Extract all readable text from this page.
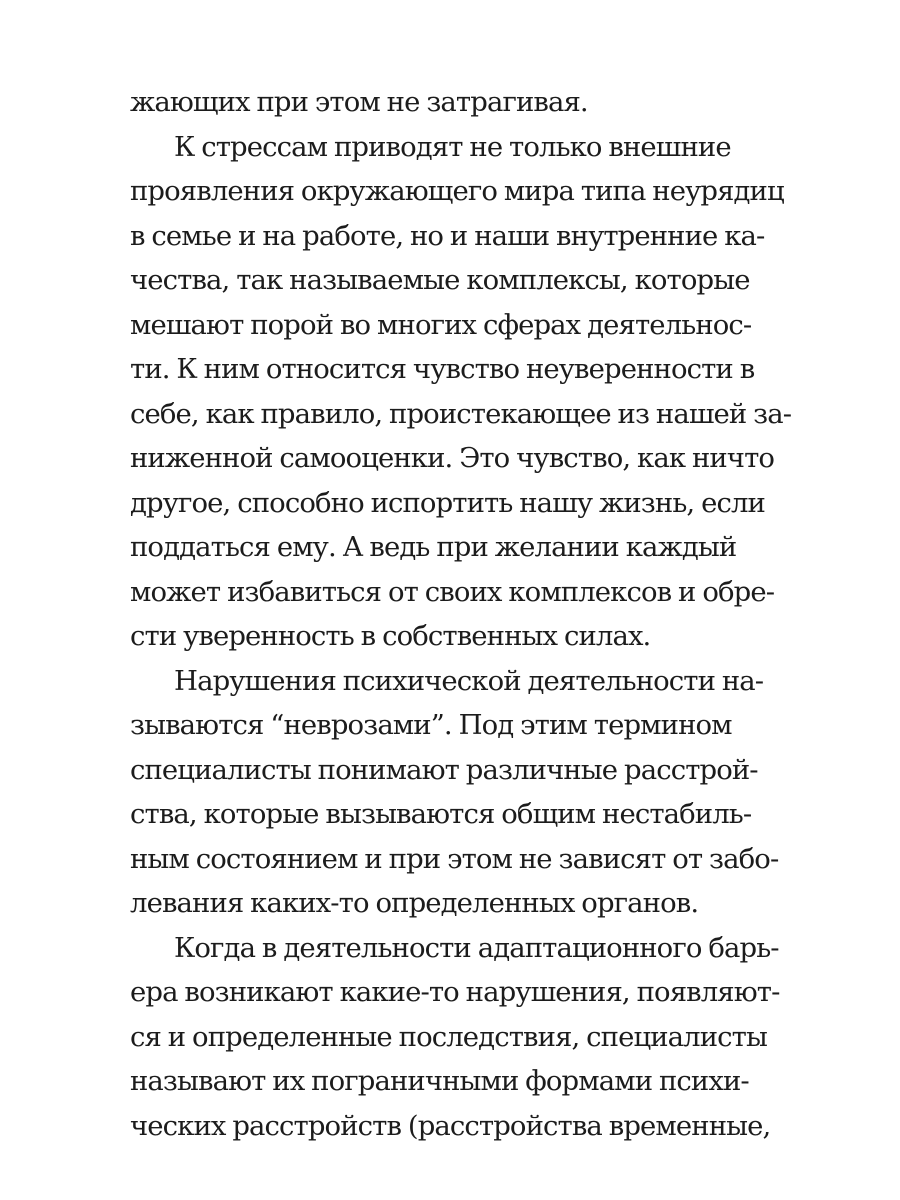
жающих при этом не затрагивая.
К стрессам приводят не только внешние
проявления окружающего мира типа неурядиц
в семье и на работе, но и наши внутренние ка-
чества, так называемые комплексы, которые
мешают порой во многих сферах деятельнос-
ти. К ним относится чувство неуверенности в
себе, как правило, проистекающее из нашей за-
ниженной самооценки. Это чувство, как ничто
другое, способно испортить нашу жизнь, если
поддаться ему. А ведь при желании каждый
может избавиться от своих комплексов и обре-
сти уверенность в собственных силах.
Нарушения психической деятельности на-
зываются “неврозами”. Под этим термином
специалисты понимают различные расстрой-
ства, которые вызываются общим нестабиль-
ным состоянием и при этом не зависят от забо-
левания каких-то определенных органов.
Когда в деятельности адаптационного барь-
ера возникают какие-то нарушения, появляют-
ся и определенные последствия, специалисты
называют их пограничными формами психи-
ческих расстройств (расстройства временные,
